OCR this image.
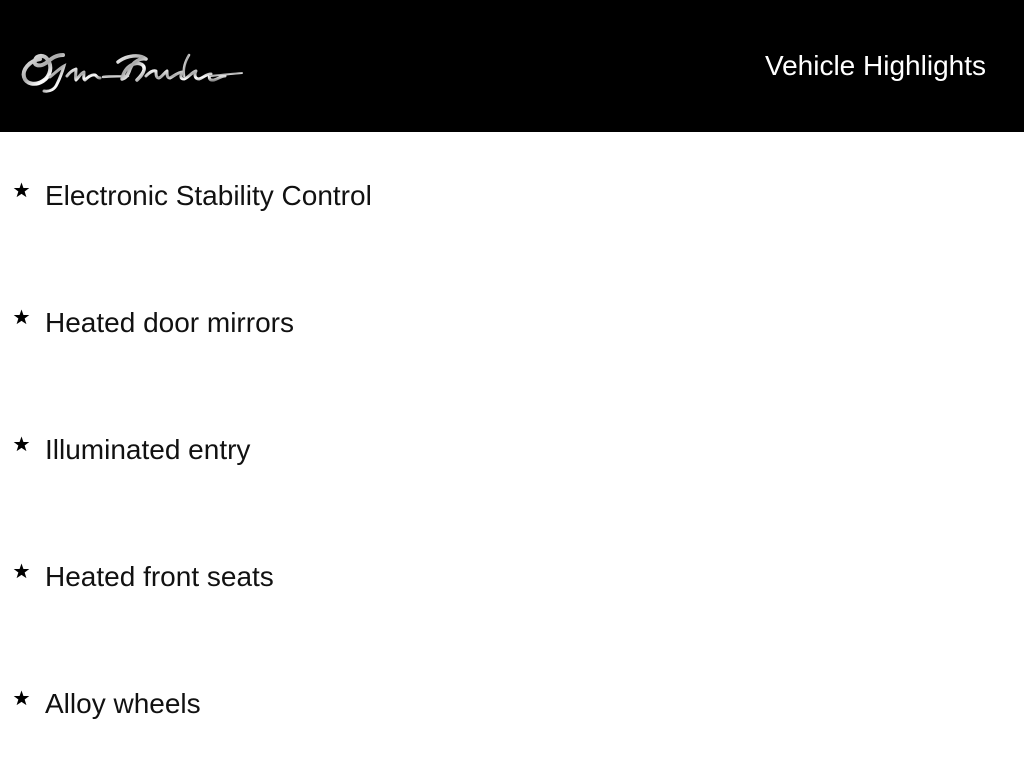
Vehicle Highlights
Electronic Stability Control
Heated door mirrors
Illuminated entry
Heated front seats
Alloy wheels
